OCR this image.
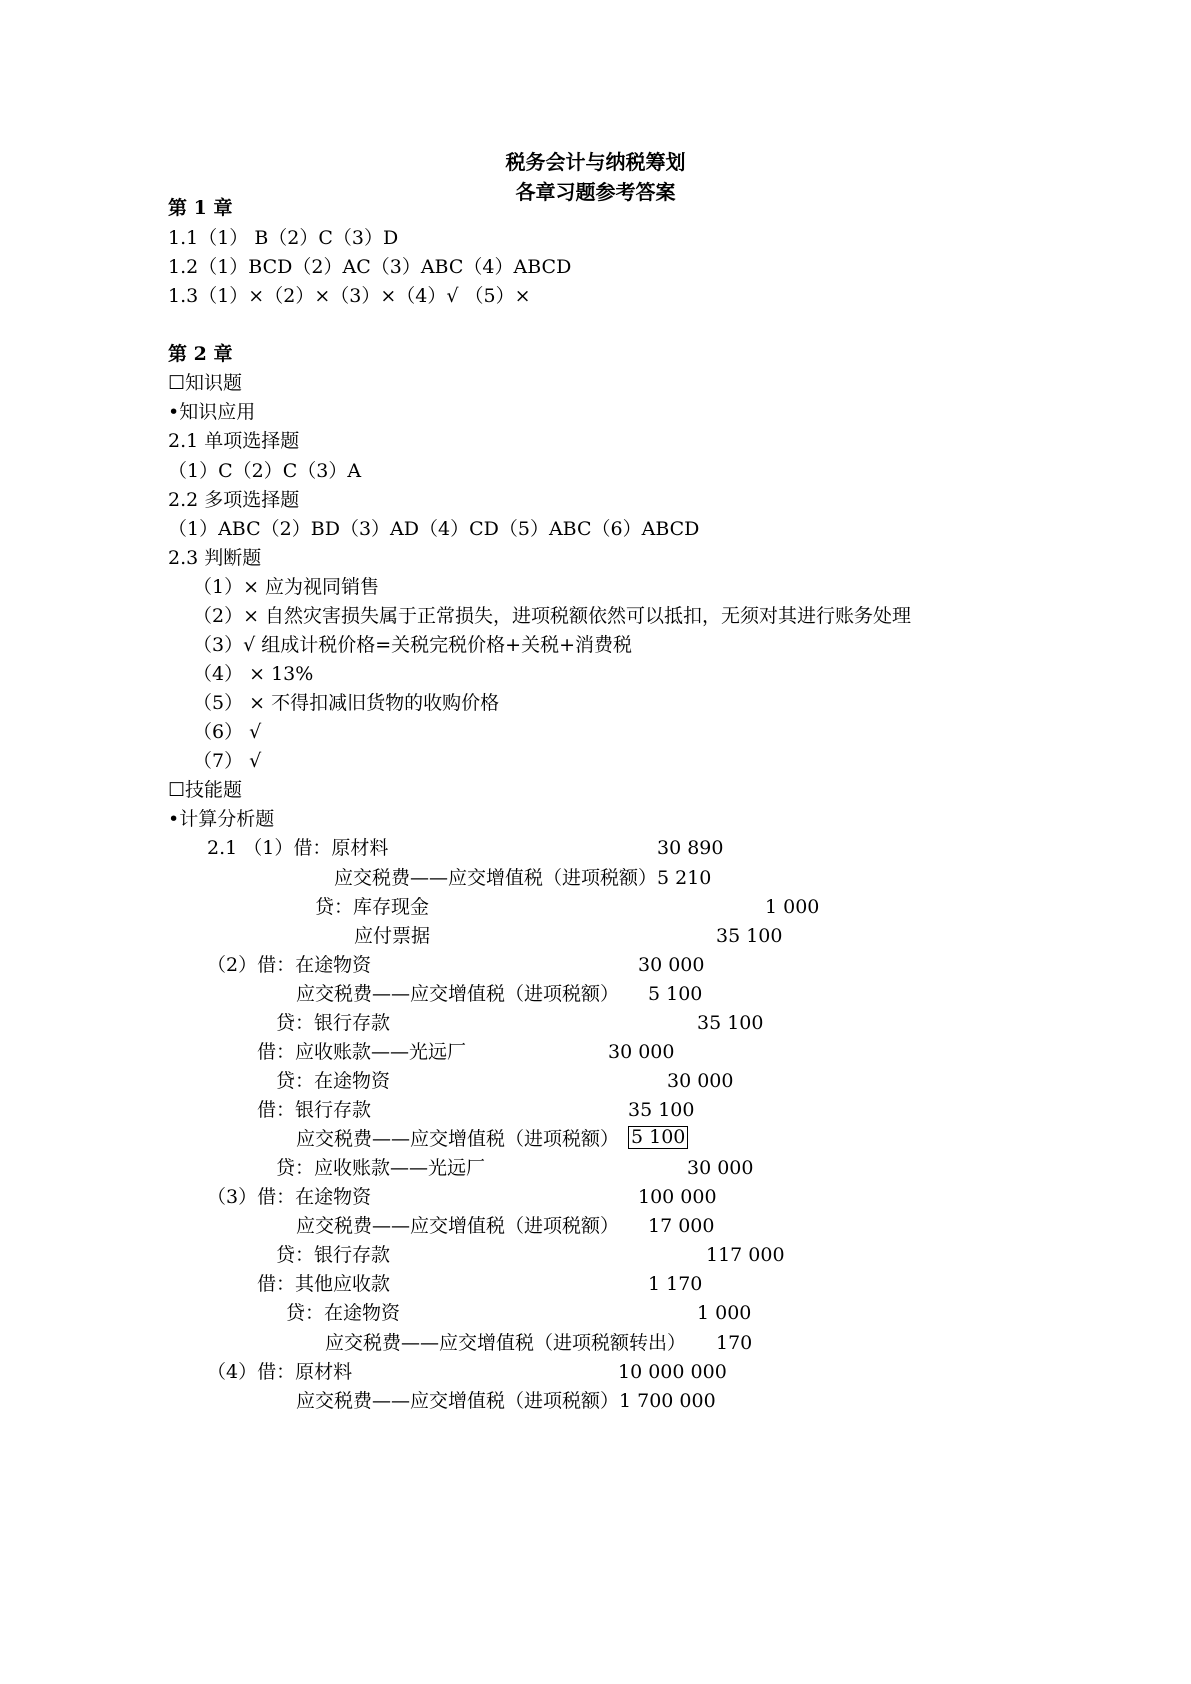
税务会计与纳税筹划
各章习题参考答案
第 1 章
1.1（1） B（2）C（3）D
1.2（1）BCD（2）AC（3）ABC（4）ABCD
1.3（1）×（2）×（3）×（4）√ （5）×
第 2 章
☐知识题
•知识应用
2.1 单项选择题
（1）C（2）C（3）A
2.2 多项选择题
（1）ABC（2）BD（3）AD（4）CD（5）ABC（6）ABCD
2.3 判断题
（1）× 应为视同销售
（2）× 自然灾害损失属于正常损失，进项税额依然可以抵扣，无须对其进行账务处理
（3）√ 组成计税价格=关税完税价格+关税+消费税
（4） × 13%
（5） × 不得扣减旧货物的收购价格
（6） √
（7） √
☐技能题
•计算分析题
2.1 （1）借：原材料	30 890
应交税费——应交增值税（进项税额）5 210
贷：库存现金	1 000
应付票据	35 100
（2）借：在途物资	30 000
应交税费——应交增值税（进项税额） 5 100
贷：银行存款	35 100
借：应收账款——光远厂	30 000
贷：在途物资	30 000
借：银行存款	35 100
应交税费——应交增值税（进项税额） 5 100
贷：应收账款——光远厂	30 000
（3）借：在途物资	100 000
应交税费——应交增值税（进项税额） 17 000
贷：银行存款	117 000
借：其他应收款	1 170
贷：在途物资	1 000
应交税费——应交增值税（进项税额转出） 170
（4）借：原材料	10 000 000
应交税费——应交增值税（进项税额）1 700 000
